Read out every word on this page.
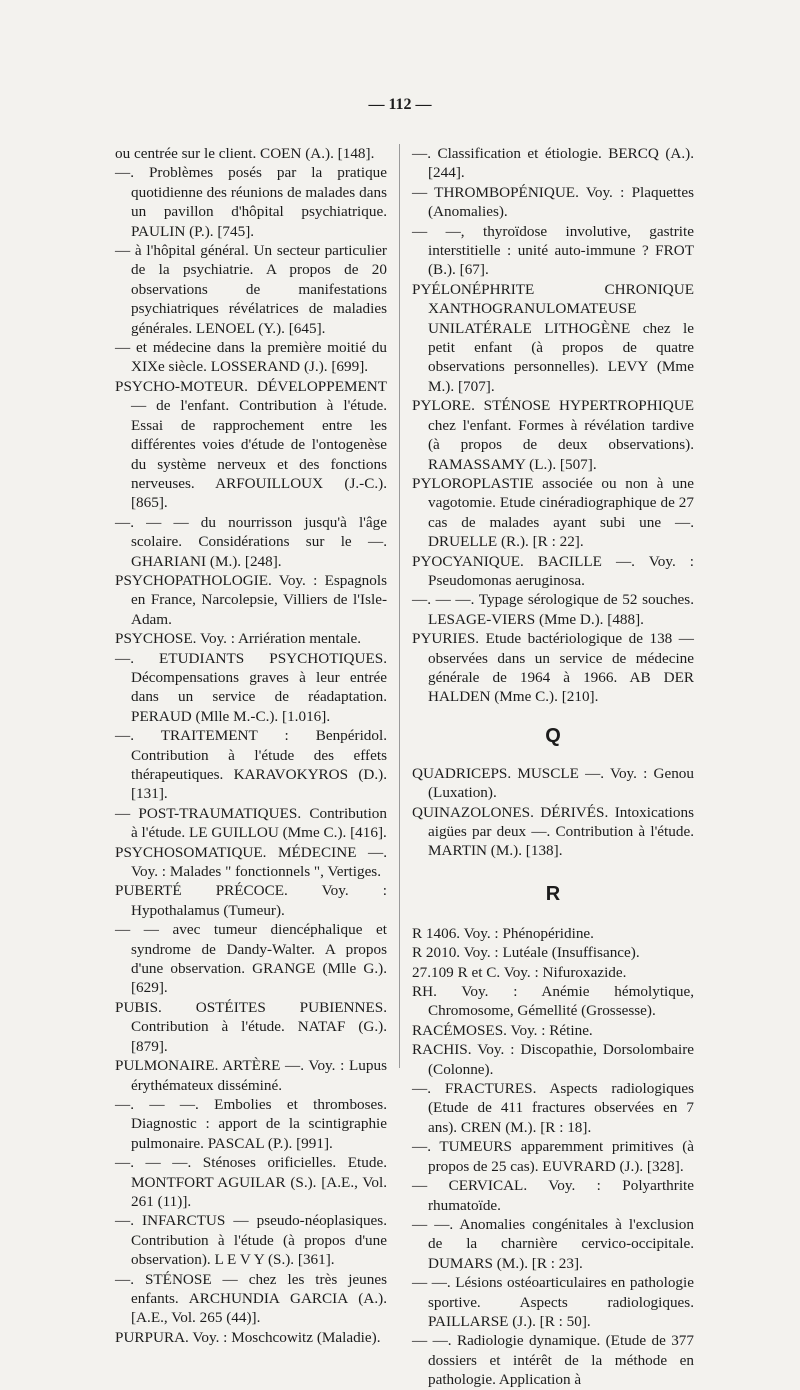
— 112 —
ou centrée sur le client. COEN (A.). [148].
—. Problèmes posés par la pratique quotidienne des réunions de malades dans un pavillon d'hôpital psychiatrique. PAULIN (P.). [745].
— à l'hôpital général. Un secteur particulier de la psychiatrie. A propos de 20 observations de manifestations psychiatriques révélatrices de maladies générales. LENOEL (Y.). [645].
— et médecine dans la première moitié du XIXe siècle. LOSSERAND (J.). [699].
PSYCHO-MOTEUR. DÉVELOPPEMENT — de l'enfant. Contribution à l'étude. Essai de rapprochement entre les différentes voies d'étude de l'ontogenèse du système nerveux et des fonctions nerveuses. ARFOUILLOUX (J.-C.). [865].
—. — — du nourrisson jusqu'à l'âge scolaire. Considérations sur le —. GHARIANI (M.). [248].
PSYCHOPATHOLOGIE. Voy. : Espagnols en France, Narcolepsie, Villiers de l'Isle-Adam.
PSYCHOSE. Voy. : Arriération mentale.
—. ETUDIANTS PSYCHOTIQUES. Décompensations graves à leur entrée dans un service de réadaptation. PERAUD (Mlle M.-C.). [1.016].
—. TRAITEMENT : Benpéridol. Contribution à l'étude des effets thérapeutiques. KARAVOKYROS (D.). [131].
— POST-TRAUMATIQUES. Contribution à l'étude. LE GUILLOU (Mme C.). [416].
PSYCHOSOMATIQUE. MÉDECINE —. Voy. : Malades " fonctionnels ", Vertiges.
PUBERTÉ PRÉCOCE. Voy. : Hypothalamus (Tumeur).
— — avec tumeur diencéphalique et syndrome de Dandy-Walter. A propos d'une observation. GRANGE (Mlle G.). [629].
PUBIS. OSTÉITES PUBIENNES. Contribution à l'étude. NATAF (G.). [879].
PULMONAIRE. ARTÈRE —. Voy. : Lupus érythémateux disséminé.
—. — —. Embolies et thromboses. Diagnostic : apport de la scintigraphie pulmonaire. PASCAL (P.). [991].
—. — —. Sténoses orificielles. Etude. MONTFORT AGUILAR (S.). [A.E., Vol. 261 (11)].
—. INFARCTUS — pseudo-néoplasiques. Contribution à l'étude (à propos d'une observation). L E V Y (S.). [361].
—. STÉNOSE — chez les très jeunes enfants. ARCHUNDIA GARCIA (A.). [A.E., Vol. 265 (44)].
PURPURA. Voy. : Moschcowitz (Maladie).
—. Classification et étiologie. BERCQ (A.). [244].
— THROMBOPÉNIQUE. Voy. : Plaquettes (Anomalies).
— —, thyroïdose involutive, gastrite interstitielle : unité auto-immune ? FROT (B.). [67].
PYÉLONÉPHRITE CHRONIQUE XANTHOGRANULOMATEUSE UNILATÉRALE LITHOGÈNE chez le petit enfant (à propos de quatre observations personnelles). LEVY (Mme M.). [707].
PYLORE. STÉNOSE HYPERTROPHIQUE chez l'enfant. Formes à révélation tardive (à propos de deux observations). RAMASSAMY (L.). [507].
PYLOROPLASTIE associée ou non à une vagotomie. Etude cinéradiographique de 27 cas de malades ayant subi une —. DRUELLE (R.). [R : 22].
PYOCYANIQUE. BACILLE —. Voy. : Pseudomonas aeruginosa.
—. — —. Typage sérologique de 52 souches. LESAGE-VIERS (Mme D.). [488].
PYURIES. Etude bactériologique de 138 — observées dans un service de médecine générale de 1964 à 1966. AB DER HALDEN (Mme C.). [210].
Q
QUADRICEPS. MUSCLE —. Voy. : Genou (Luxation).
QUINAZOLONES. DÉRIVÉS. Intoxications aigües par deux —. Contribution à l'étude. MARTIN (M.). [138].
R
R 1406. Voy. : Phénopéridine.
R 2010. Voy. : Lutéale (Insuffisance).
27.109 R et C. Voy. : Nifuroxazide.
RH. Voy. : Anémie hémolytique, Chromosome, Gémellité (Grossesse).
RACÉMOSES. Voy. : Rétine.
RACHIS. Voy. : Discopathie, Dorsolombaire (Colonne).
—. FRACTURES. Aspects radiologiques (Etude de 411 fractures observées en 7 ans). CREN (M.). [R : 18].
—. TUMEURS apparemment primitives (à propos de 25 cas). EUVRARD (J.). [328].
— CERVICAL. Voy. : Polyarthrite rhumatoïde.
— —. Anomalies congénitales à l'exclusion de la charnière cervico-occipitale. DUMARS (M.). [R : 23].
— —. Lésions ostéoarticulaires en pathologie sportive. Aspects radiologiques. PAILLARSE (J.). [R : 50].
— —. Radiologie dynamique. (Etude de 377 dossiers et intérêt de la méthode en pathologie. Application à
